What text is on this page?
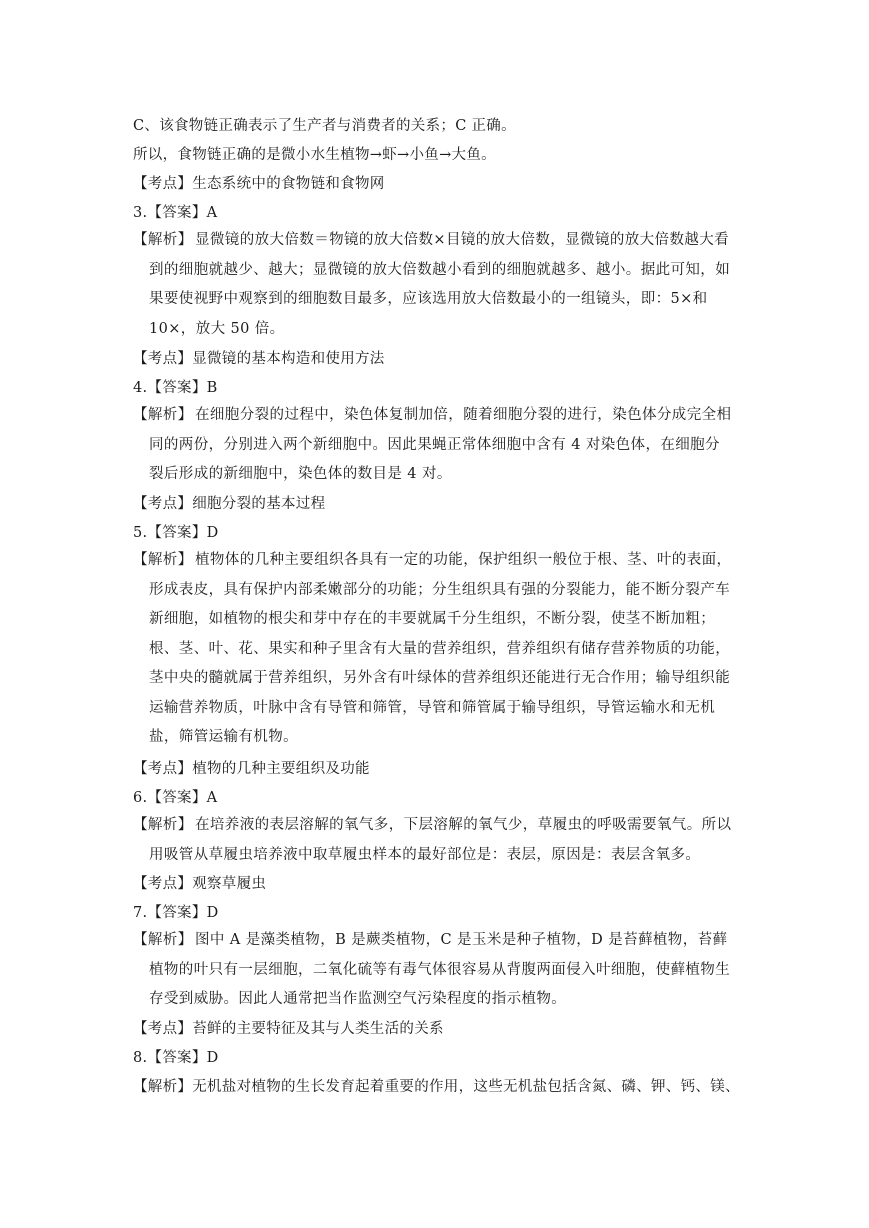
C、该食物链正确表示了生产者与消费者的关系；C 正确。
所以，食物链正确的是微小水生植物→虾→小鱼→大鱼。
【考点】生态系统中的食物链和食物网
3.【答案】A
【解析】 显微镜的放大倍数＝物镜的放大倍数×目镜的放大倍数，显微镜的放大倍数越大看到的细胞就越少、越大；显微镜的放大倍数越小看到的细胞就越多、越小。据此可知，如果要使视野中观察到的细胞数目最多，应该选用放大倍数最小的一组镜头，即：5×和 10×，放大 50 倍。
【考点】显微镜的基本构造和使用方法
4.【答案】B
【解析】 在细胞分裂的过程中，染色体复制加倍，随着细胞分裂的进行，染色体分成完全相同的两份，分别进入两个新细胞中。因此果蝇正常体细胞中含有 4 对染色体，在细胞分裂后形成的新细胞中，染色体的数目是 4 对。
【考点】细胞分裂的基本过程
5.【答案】D
【解析】 植物体的几种主要组织各具有一定的功能，保护组织一般位于根、茎、叶的表面，形成表皮，具有保护内部柔嫩部分的功能；分生组织具有强的分裂能力，能不断分裂产车新细胞，如植物的根尖和芽中存在的丰要就属千分生组织，不断分裂，使茎不断加粗；根、茎、叶、花、果实和种子里含有大量的营养组织，营养组织有储存营养物质的功能，茎中央的髓就属于营养组织，另外含有叶绿体的营养组织还能进行无合作用；输导组织能运输营养物质，叶脉中含有导管和筛管，导管和筛管属于输导组织，导管运输水和无机盐，筛管运输有机物。
【考点】植物的几种主要组织及功能
6.【答案】A
【解析】 在培养液的表层溶解的氧气多，下层溶解的氧气少，草履虫的呼吸需要氧气。所以用吸管从草履虫培养液中取草履虫样本的最好部位是：表层，原因是：表层含氧多。
【考点】观察草履虫
7.【答案】D
【解析】 图中 A 是藻类植物，B 是蕨类植物，C 是玉米是种子植物，D 是苔藓植物，苔藓植物的叶只有一层细胞，二氧化硫等有毒气体很容易从背腹两面侵入叶细胞，使藓植物生存受到威胁。因此人通常把当作监测空气污染程度的指示植物。
【考点】苔鲜的主要特征及其与人类生活的关系
8.【答案】D
【解析】无机盐对植物的生长发育起着重要的作用，这些无机盐包括含氮、磷、钾、钙、镁、
